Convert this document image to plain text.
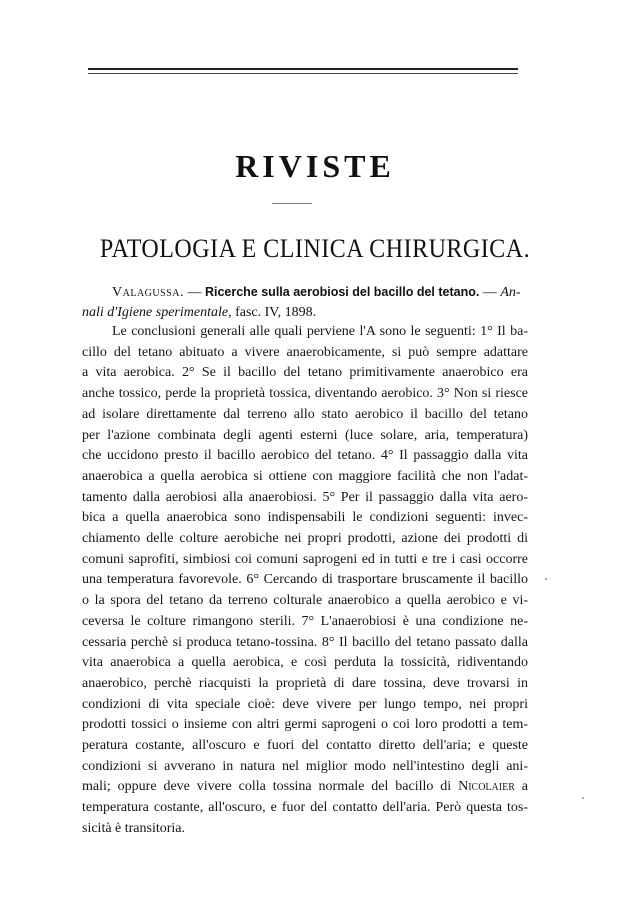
RIVISTE
PATOLOGIA E CLINICA CHIRURGICA.

Valagussa. — Ricerche sulla aerobiosi del bacillo del tetano. — An-

nali d'Igiene sperimentale, fasc. IV, 1898.

Le conclusioni generali alle quali perviene l'A sono le seguenti: 1° Il ba-
cillo del tetano abituato a vivere anaerobicamente, si può sempre adattare
a vita aerobica. 2° Se il bacillo del tetano primitivamente anaerobico era
anche tossico, perde la proprietà tossica, diventando aerobico. 3° Non si riesce
ad isolare direttamente dal terreno allo stato aerobico il bacillo del tetano
per l'azione combinata degli agenti esterni (luce solare, aria, temperatura)
che uccidono presto il bacillo aerobico del tetano. 4° Il passaggio dalla vita
anaerobica a quella aerobica si ottiene con maggiore facilità che non l'adat-
tamento dalla aerobiosi alla anaerobiosi. 5° Per il passaggio dalla vita aero-
bica a quella anaerobica sono indispensabili le condizioni seguenti: invec-
chiamento delle colture aerobiche nei propri prodotti, azione dei prodotti di
comuni saprofiti, simbiosi coi comuni saprogeni ed in tutti e tre i casi occorre
una temperatura favorevole. 6° Cercando di trasportare bruscamente il bacillo
o la spora del tetano da terreno colturale anaerobico a quella aerobico e vi-
ceversa le colture rimangono sterili. 7° L'anaerobiosi è una condizione ne-
cessaria perchè si produca tetano-tossina. 8° Il bacillo del tetano passato dalla
vita anaerobica a quella aerobica, e così perduta la tossicità, ridiventando
anaerobico, perchè riacquisti la proprietà di dare tossina, deve trovarsi in
condizioni di vita speciale cioè: deve vivere per lungo tempo, nei propri
prodotti tossici o insieme con altri germi saprogeni o coi loro prodotti a tem-
peratura costante, all'oscuro e fuori del contatto diretto dell'aria; e queste
condizioni si avverano in natura nel miglior modo nell'intestino degli ani-
mali; oppure deve vivere colla tossina normale del bacillo di Nicolaier a
temperatura costante, all'oscuro, e fuor del contatto dell'aria. Però questa tos-
sicità è transitoria.
